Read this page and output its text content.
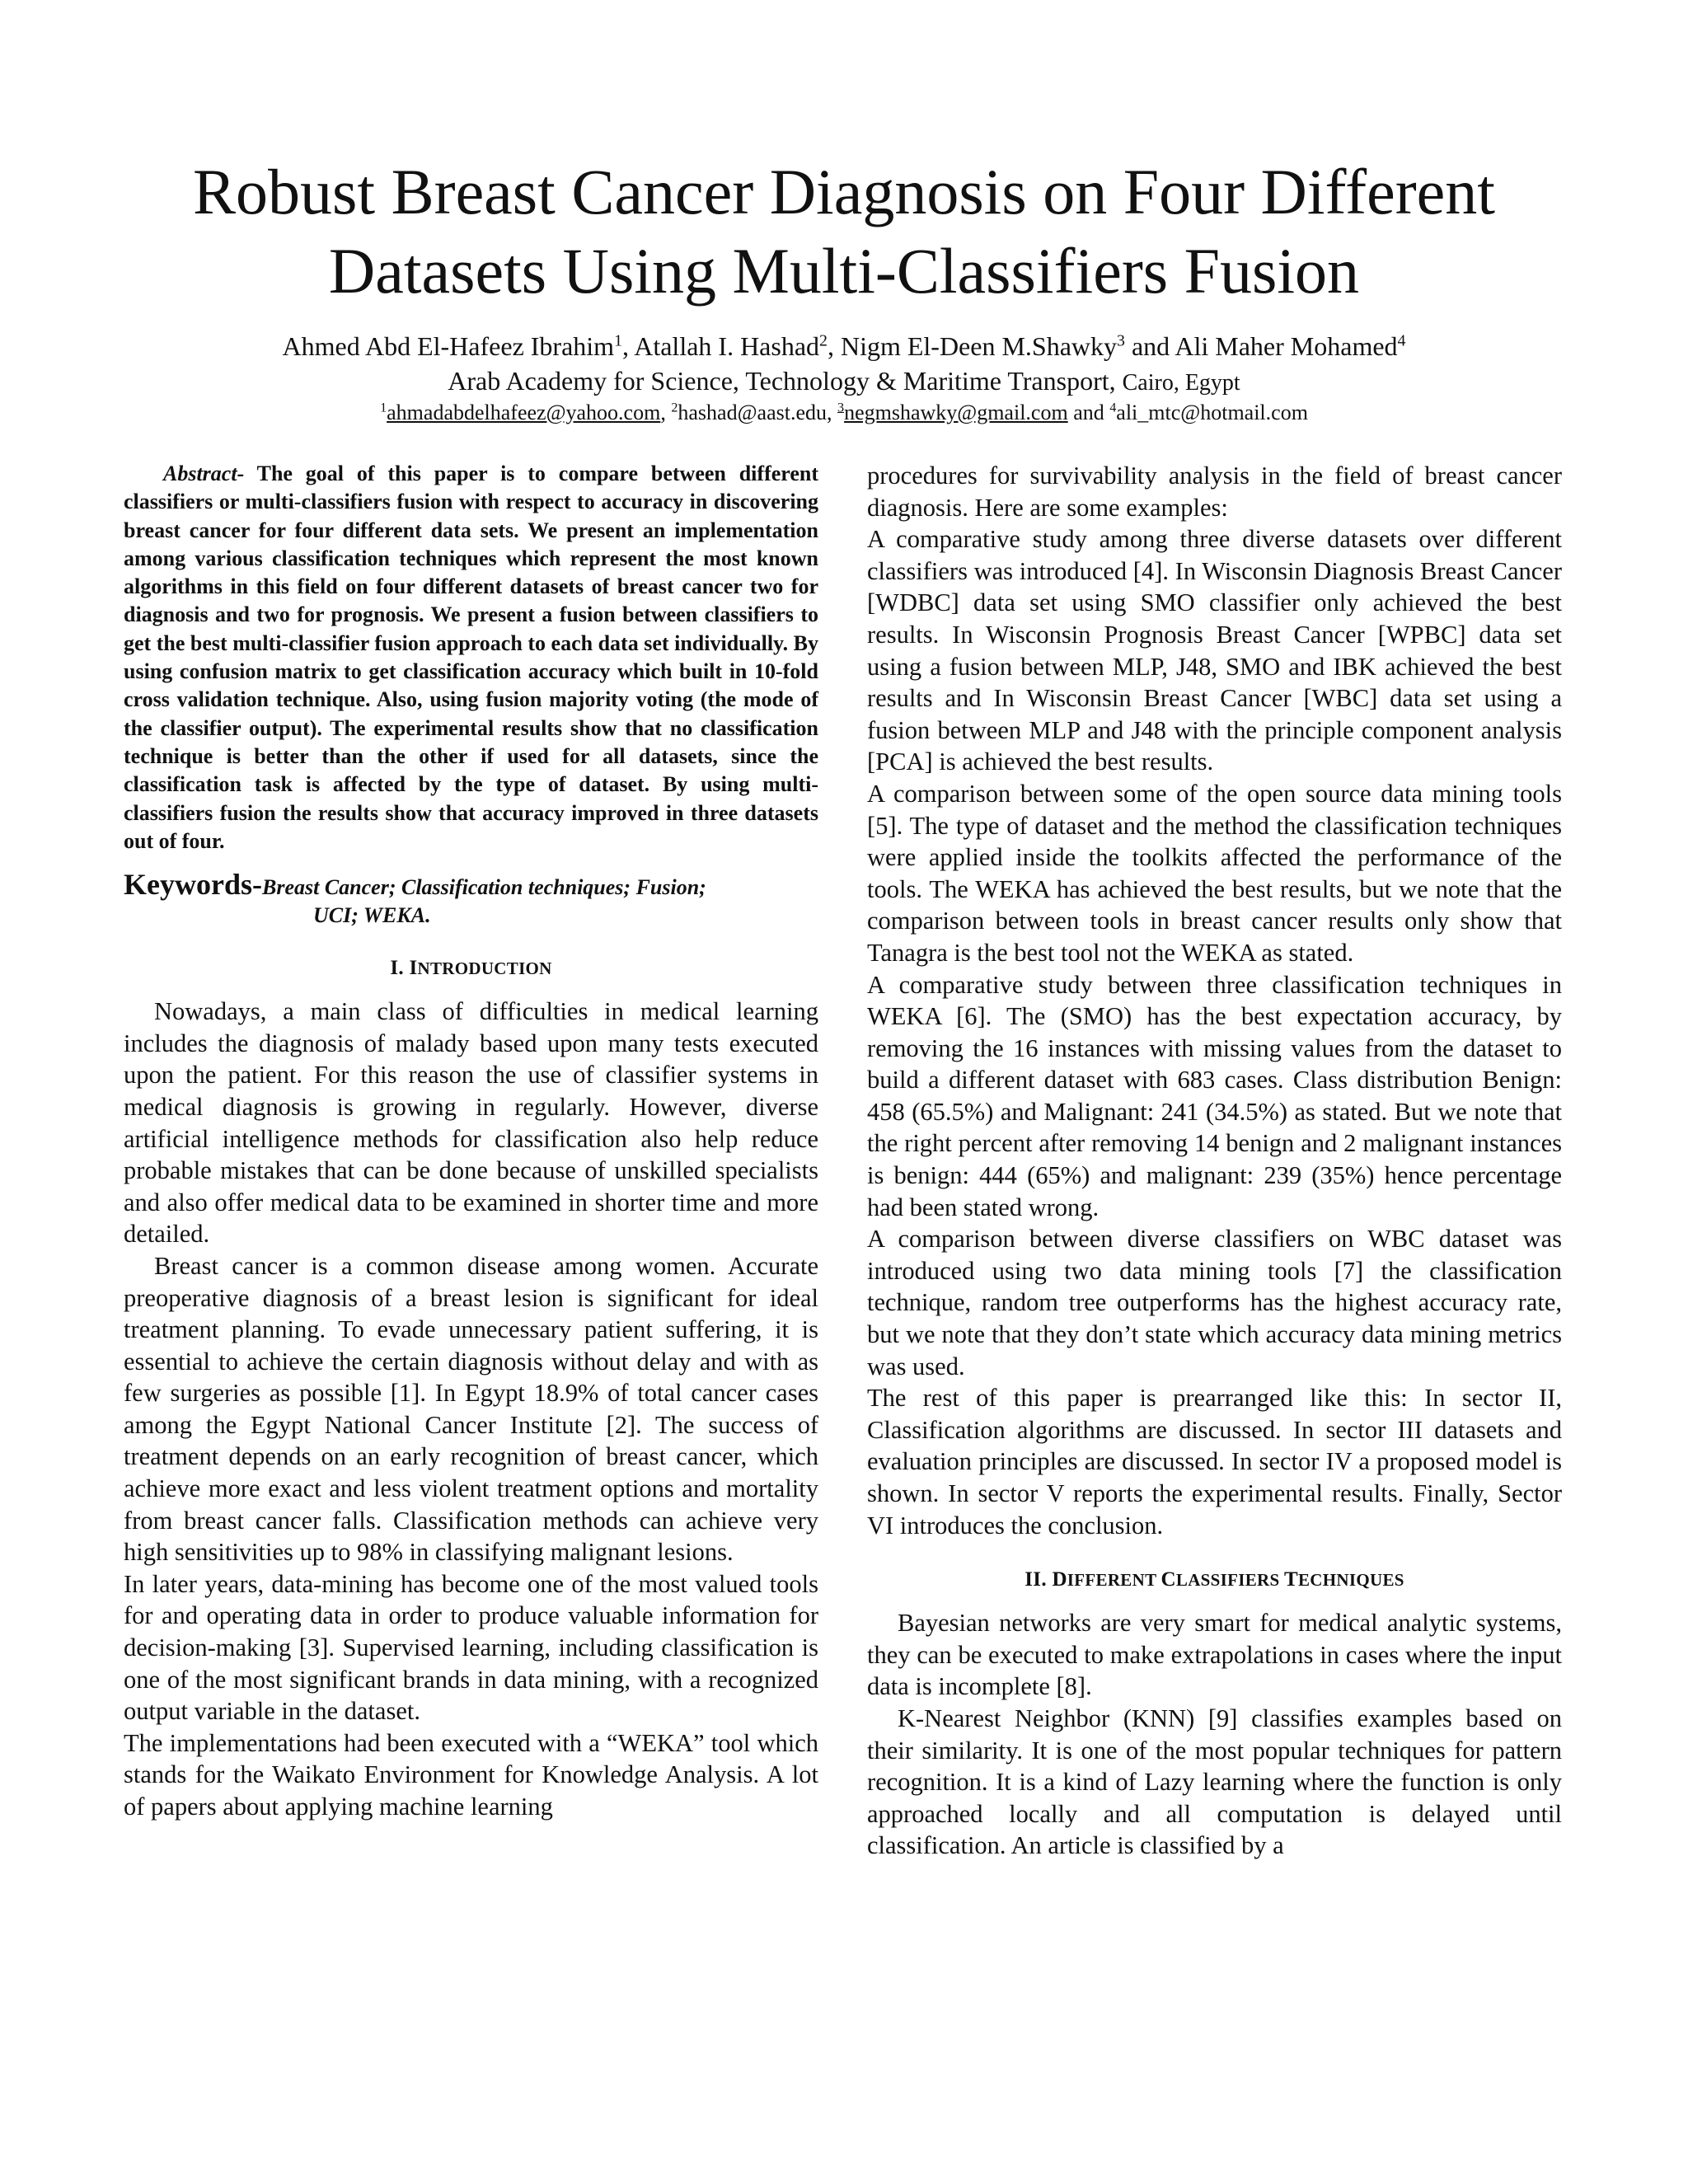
Robust Breast Cancer Diagnosis on Four Different
Datasets Using Multi-Classifiers Fusion
Ahmed Abd El-Hafeez Ibrahim$^1$, Atallah I. Hashad$^2$, Nigm El-Deen M.Shawky$^3$ and Ali Maher Mohamed$^4$
Arab Academy for Science, Technology & Maritime Transport, Cairo, Egypt
$^1$ahmadabdelhafeez@yahoo.com, $^2$hashad@aast.edu, $^3$negmshawky@gmail.com and $^4$ali_mtc@hotmail.com

Abstract- The goal of this paper is to compare between different classifiers or multi-classifiers fusion with respect to accuracy in discovering breast cancer for four different data sets. We present an implementation among various classification techniques which represent the most known algorithms in this field on four different datasets of breast cancer two for diagnosis and two for prognosis. We present a fusion between classifiers to get the best multi-classifier fusion approach to each data set individually. By using confusion matrix to get classification accuracy which built in 10-fold cross validation technique. Also, using fusion majority voting (the mode of the classifier output). The experimental results show that no classification technique is better than the other if used for all datasets, since the classification task is affected by the type of dataset. By using multi-classifiers fusion the results show that accuracy improved in three datasets out of four.

Keywords-Breast Cancer; Classification techniques; Fusion;
UCI; WEKA.
I. INTRODUCTION

Nowadays, a main class of difficulties in medical learning includes the diagnosis of malady based upon many tests executed upon the patient. For this reason the use of classifier systems in medical diagnosis is growing in regularly. However, diverse artificial intelligence methods for classification also help reduce probable mistakes that can be done because of unskilled specialists and also offer medical data to be examined in shorter time and more detailed.

Breast cancer is a common disease among women. Accurate preoperative diagnosis of a breast lesion is significant for ideal treatment planning. To evade unnecessary patient suffering, it is essential to achieve the certain diagnosis without delay and with as few surgeries as possible [1]. In Egypt 18.9% of total cancer cases among the Egypt National Cancer Institute [2]. The success of treatment depends on an early recognition of breast cancer, which achieve more exact and less violent treatment options and mortality from breast cancer falls. Classification methods can achieve very high sensitivities up to 98% in classifying malignant lesions.

In later years, data-mining has become one of the most valued tools for and operating data in order to produce valuable information for decision-making [3]. Supervised learning, including classification is one of the most significant brands in data mining, with a recognized output variable in the dataset.

The implementations had been executed with a “WEKA” tool which stands for the Waikato Environment for Knowledge Analysis. A lot of papers about applying machine learning

procedures for survivability analysis in the field of breast cancer diagnosis. Here are some examples:

A comparative study among three diverse datasets over different classifiers was introduced [4]. In Wisconsin Diagnosis Breast Cancer [WDBC] data set using SMO classifier only achieved the best results. In Wisconsin Prognosis Breast Cancer [WPBC] data set using a fusion between MLP, J48, SMO and IBK achieved the best results and In Wisconsin Breast Cancer [WBC] data set using a fusion between MLP and J48 with the principle component analysis [PCA] is achieved the best results.

A comparison between some of the open source data mining tools [5]. The type of dataset and the method the classification techniques were applied inside the toolkits affected the performance of the tools. The WEKA has achieved the best results, but we note that the comparison between tools in breast cancer results only show that Tanagra is the best tool not the WEKA as stated.

A comparative study between three classification techniques in WEKA [6]. The (SMO) has the best expectation accuracy, by removing the 16 instances with missing values from the dataset to build a different dataset with 683 cases. Class distribution Benign: 458 (65.5%) and Malignant: 241 (34.5%) as stated. But we note that the right percent after removing 14 benign and 2 malignant instances is benign: 444 (65%) and malignant: 239 (35%) hence percentage had been stated wrong.

A comparison between diverse classifiers on WBC dataset was introduced using two data mining tools [7] the classification technique, random tree outperforms has the highest accuracy rate, but we note that they don’t state which accuracy data mining metrics was used.

The rest of this paper is prearranged like this: In sector II, Classification algorithms are discussed. In sector III datasets and evaluation principles are discussed. In sector IV a proposed model is shown. In sector V reports the experimental results. Finally, Sector VI introduces the conclusion.

II. DIFFERENT CLASSIFIERS TECHNIQUES

Bayesian networks are very smart for medical analytic systems, they can be executed to make extrapolations in cases where the input data is incomplete [8].

K-Nearest Neighbor (KNN) [9] classifies examples based on their similarity. It is one of the most popular techniques for pattern recognition. It is a kind of Lazy learning where the function is only approached locally and all computation is delayed until classification. An article is classified by a
